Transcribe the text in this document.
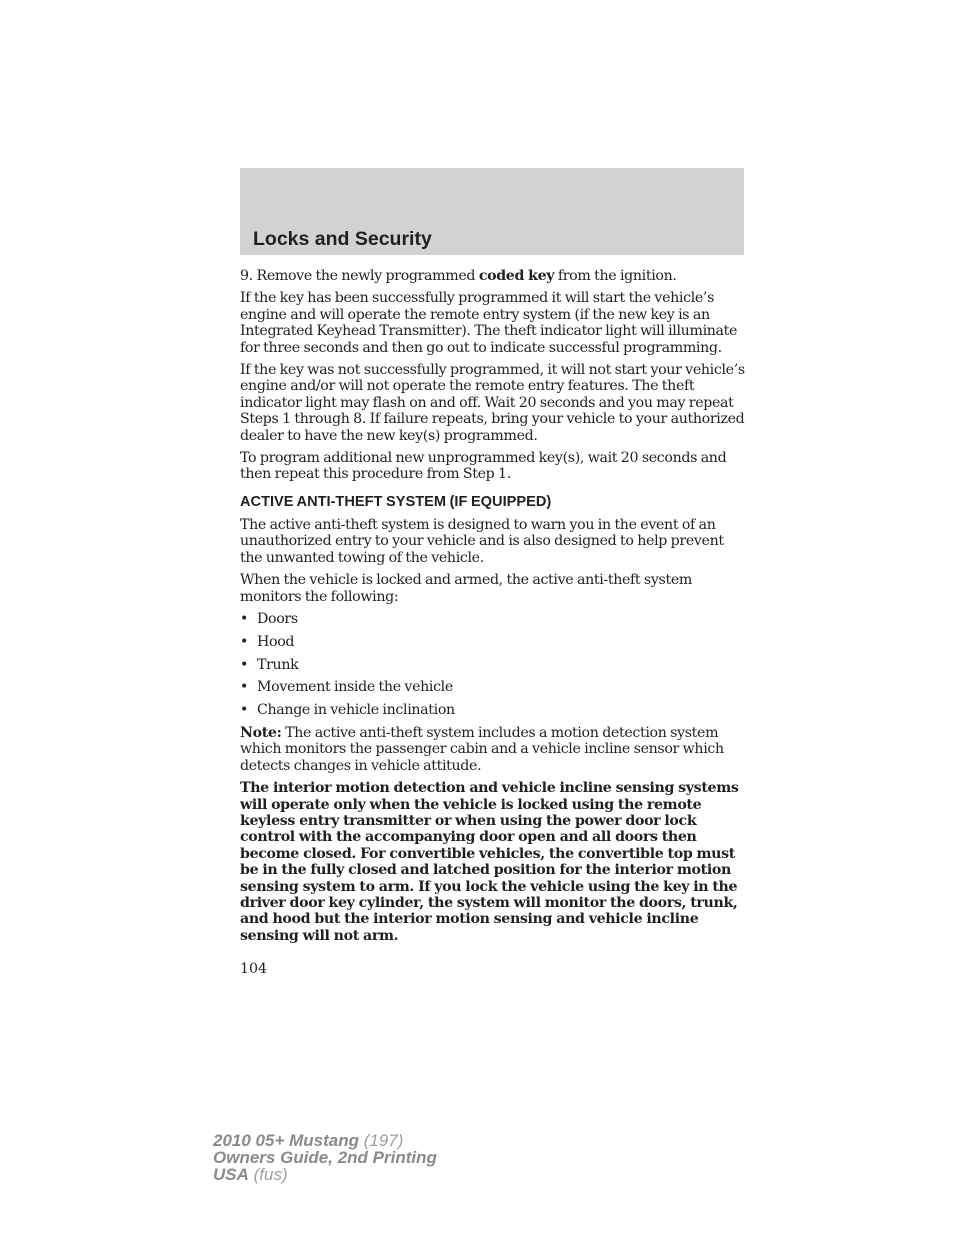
Locks and Security

9. Remove the newly programmed coded key from the ignition.

If the key has been successfully programmed it will start the vehicle’s engine and will operate the remote entry system (if the new key is an Integrated Keyhead Transmitter). The theft indicator light will illuminate for three seconds and then go out to indicate successful programming.

If the key was not successfully programmed, it will not start your vehicle’s engine and/or will not operate the remote entry features. The theft indicator light may flash on and off. Wait 20 seconds and you may repeat Steps 1 through 8. If failure repeats, bring your vehicle to your authorized dealer to have the new key(s) programmed.

To program additional new unprogrammed key(s), wait 20 seconds and then repeat this procedure from Step 1.

ACTIVE ANTI-THEFT SYSTEM (IF EQUIPPED)

The active anti-theft system is designed to warn you in the event of an unauthorized entry to your vehicle and is also designed to help prevent the unwanted towing of the vehicle.

When the vehicle is locked and armed, the active anti-theft system monitors the following:

• Doors
• Hood
• Trunk
• Movement inside the vehicle
• Change in vehicle inclination

Note: The active anti-theft system includes a motion detection system which monitors the passenger cabin and a vehicle incline sensor which detects changes in vehicle attitude.

The interior motion detection and vehicle incline sensing systems will operate only when the vehicle is locked using the remote keyless entry transmitter or when using the power door lock control with the accompanying door open and all doors then become closed. For convertible vehicles, the convertible top must be in the fully closed and latched position for the interior motion sensing system to arm. If you lock the vehicle using the key in the driver door key cylinder, the system will monitor the doors, trunk, and hood but the interior motion sensing and vehicle incline sensing will not arm.

104
2010 05+ Mustang (197)
Owners Guide, 2nd Printing
USA (fus)
